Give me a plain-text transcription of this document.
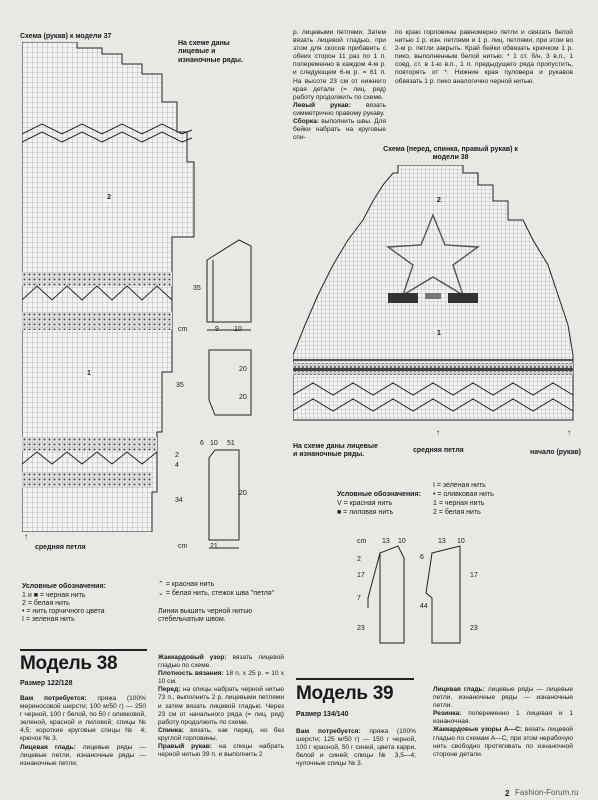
Схема (рукав) к модели 37
На схеме даны лицевые и изнаночные ряды.
2
1
↑
средняя петля
35
9 10
cm
35
20
20
6 10 51
2
4
34
20
21
cm
Условные обозначения:
1 и ■ = черная нить
2 = белая нить
• = нить горчичного цвета
I = зеленая нить
⌃ = красная нить
⌄ = белая нить, стежок шва "петля"
Линии вышить черной нитью стебельчатым швом.
р. лицевыми петлями. Затем вязать лицевой гладью, при этом для скосов прибавить с обеих сторон 11 раз по 1 п. попеременно в каждом 4-м р. и следующем 6-м р. = 61 п. На высоте 23 см от нижнего края детали (= лиц. ряд) работу продолжить по схеме.
Левый рукав: вязать симметрично правому рукаву.
Сборка: выполнить швы. Для бейки набрать на круговые спи-
по краю горловины равномерно петли и связать белой нитью 1 р. изн. петлями и 1 р. лиц. петлями, при этом во 2-м р. петли закрыть. Край бейки обвязать крючком 1 р. пико, выполненным белой нитью: * 1 ст. б/н, 3 в.п., 1 соед. ст. в 1-ю в.п., 1 п. предыдущего ряда пропустить, повторять от *. Нижние края пуловера и рукавов обвязать 1 р. пико аналогично черной нитью.
Схема (перед, спинка, правый рукав) к модели 38
2
1
На схеме даны лицевые и изнаночные ряды.
↑
средняя петля
↑
начало (рукав)
Условные обозначения:
V = красная нить
■ = лиловая нить
I = зеленая нить
• = оливковая нить
1 = черная нить
2 = белая нить
cm 13 10	13 10
2
17
7
23
44
6
17
23
Модель 38
Размер 122/128
Вам потребуется: пряжа (100% мериносовой шерсти; 100 м/50 г) — 250 г черной, 100 г белой, по 50 г оливковой, зеленой, красной и лиловой; спицы № 4,5; короткие круговые спицы № 4; крючок № 3.
Лицевая гладь: лицевые ряды — лицевые петли, изнаночные ряды — изнаночные петли.
Жаккардовый узор: вязать лицевой гладью по схеме.
Плотность вязания: 18 п. х 25 р. = 10 х 10 см.
Перед: на спицы набрать черной нитью 73 п., выполнить 2 р. лицевыми петлями и затем вязать лицевой гладью. Через 23 см от начального ряда (= лиц. ряд) работу продолжить по схеме.
Спинка: вязать, как перед, но без круглой горловины.
Правый рукав: на спицы набрать черной нитью 39 п. и выполнить 2
Модель 39
Размер 134/140
Вам потребуется: пряжа (100% шерсти; 125 м/50 г) — 150 г черной, 100 г красной, 50 г синей, цвета карри, белой и синей; спицы № 3,5—4; чулочные спицы № 3.
Лицевая гладь: лицевые ряды — лицевые петли, изнаночные ряды — изнаночные петли.
Резинка: попеременно 1 лицевая и 1 изнаночная.
Жаккардовые узоры А—С: вязать лицевой гладью по схемам А—С, при этом нерабочую нить свободно протягивать по изнаночной стороне детали.
2 Fashion-Forum.ru
